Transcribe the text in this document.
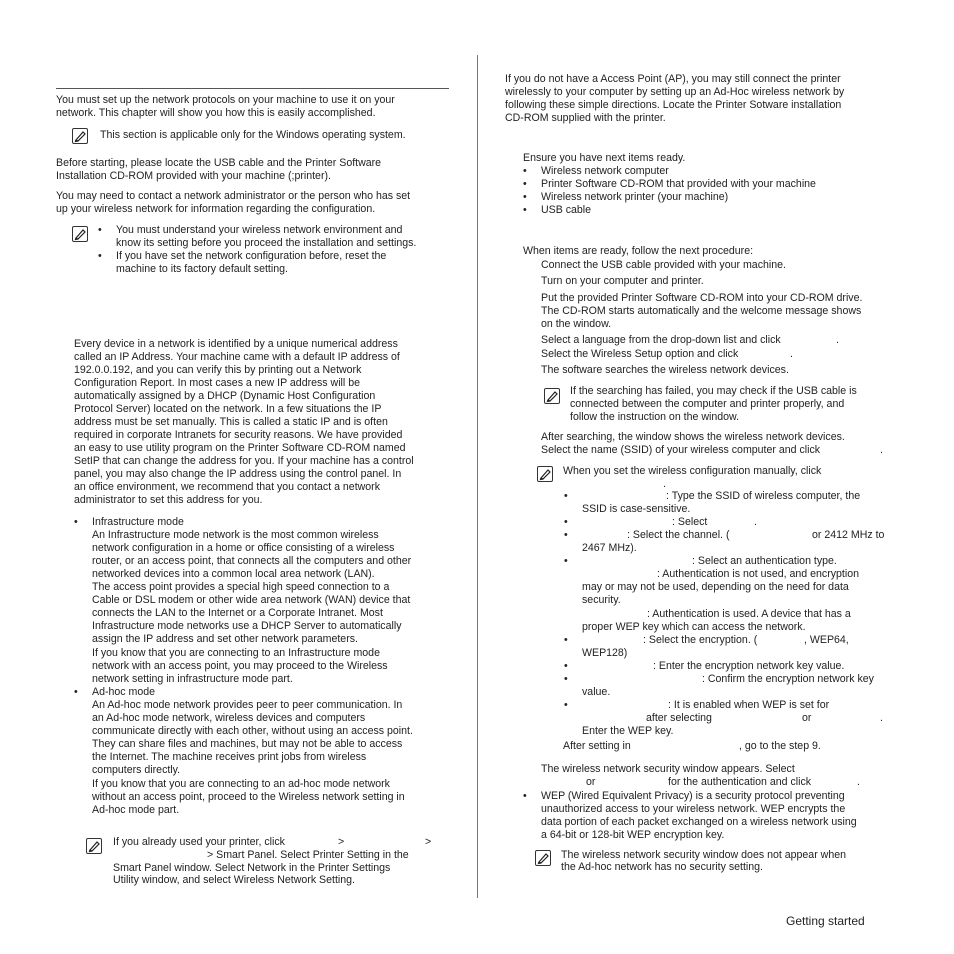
You must set up the network protocols on your machine to use it on your
network. This chapter will show you how this is easily accomplished.
This section is applicable only for the Windows operating system.
Before starting, please locate the USB cable and the Printer Software
Installation CD-ROM provided with your machine (;printer).
You may need to contact a network administrator or the person who has set
up your wireless network for information regarding the configuration.
• You must understand your wireless network environment and
know its setting before you proceed the installation and settings.
• If you have set the network configuration before, reset the
machine to its factory default setting.
Every device in a network is identified by a unique numerical address
called an IP Address. Your machine came with a default IP address of
192.0.0.192, and you can verify this by printing out a Network
Configuration Report. In most cases a new IP address will be
automatically assigned by a DHCP (Dynamic Host Configuration
Protocol Server) located on the network. In a few situations the IP
address must be set manually. This is called a static IP and is often
required in corporate Intranets for security reasons. We have provided
an easy to use utility program on the Printer Software CD-ROM named
SetIP that can change the address for you. If your machine has a control
panel, you may also change the IP address using the control panel. In
an office environment, we recommend that you contact a network
administrator to set this address for you.
• Infrastructure mode
An Infrastructure mode network is the most common wireless
network configuration in a home or office consisting of a wireless
router, or an access point, that connects all the computers and other
networked devices into a common local area network (LAN).
The access point provides a special high speed connection to a
Cable or DSL modem or other wide area network (WAN) device that
connects the LAN to the Internet or a Corporate Intranet. Most
Infrastructure mode networks use a DHCP Server to automatically
assign the IP address and set other network parameters.
If you know that you are connecting to an Infrastructure mode
network with an access point, you may proceed to the Wireless
network setting in infrastructure mode part.
• Ad-hoc mode
An Ad-hoc mode network provides peer to peer communication. In
an Ad-hoc mode network, wireless devices and computers
communicate directly with each other, without using an access point.
They can share files and machines, but may not be able to access
the Internet. The machine receives print jobs from wireless
computers directly.
If you know that you are connecting to an ad-hoc mode network
without an access point, proceed to the Wireless network setting in
Ad-hoc mode part.
If you already used your printer, click	>	>
> Smart Panel. Select Printer Setting in the
Smart Panel window. Select Network in the Printer Settings
Utility window, and select Wireless Network Setting.
If you do not have a Access Point (AP), you may still connect the printer
wirelessly to your computer by setting up an Ad-Hoc wireless network by
following these simple directions. Locate the Printer Sotware installation
CD-ROM supplied with the printer.
Ensure you have next items ready.
• Wireless network computer
• Printer Software CD-ROM that provided with your machine
• Wireless network printer (your machine)
• USB cable
When items are ready, follow the next procedure:
Connect the USB cable provided with your machine.
Turn on your computer and printer.
Put the provided Printer Software CD-ROM into your CD-ROM drive.
The CD-ROM starts automatically and the welcome message shows
on the window.
Select a language from the drop-down list and click	.
Select the Wireless Setup option and click	.
The software searches the wireless network devices.
If the searching has failed, you may check if the USB cable is
connected between the computer and printer properly, and
follow the instruction on the window.
After searching, the window shows the wireless network devices.
Select the name (SSID) of your wireless computer and click	.
When you set the wireless configuration manually, click
.
•	: Type the SSID of wireless computer, the
SSID is case-sensitive.
•	: Select	.
•	: Select the channel. (	or 2412 MHz to
2467 MHz).
•	: Select an authentication type.
: Authentication is not used, and encryption
may or may not be used, depending on the need for data
security.
: Authentication is used. A device that has a
proper WEP key which can access the network.
•	: Select the encryption. (	, WEP64,
WEP128)
•	: Enter the encryption network key value.
•	: Confirm the encryption network key
value.
•	: It is enabled when WEP is set for
after selecting	or	.
Enter the WEP key.
After setting in	, go to the step 9.
The wireless network security window appears. Select
or	for the authentication and click	.
• WEP (Wired Equivalent Privacy) is a security protocol preventing
unauthorized access to your wireless network. WEP encrypts the
data portion of each packet exchanged on a wireless network using
a 64-bit or 128-bit WEP encryption key.
The wireless network security window does not appear when
the Ad-hoc network has no security setting.
Getting started
